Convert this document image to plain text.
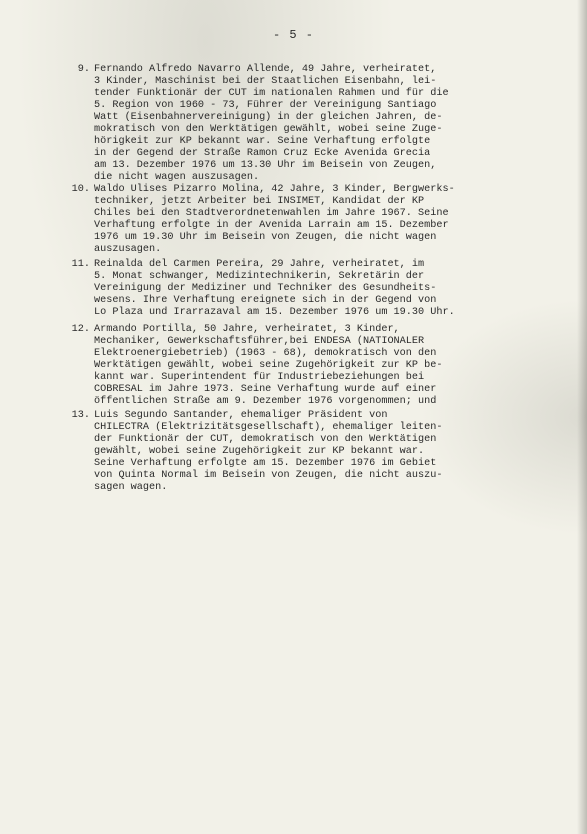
- 5 -
9. Fernando Alfredo Navarro Allende, 49 Jahre, verheiratet,
3 Kinder, Maschinist bei der Staatlichen Eisenbahn, lei-
tender Funktionär der CUT im nationalen Rahmen und für die
5. Region von 1960 - 73, Führer der Vereinigung Santiago
Watt (Eisenbahnervereinigung) in der gleichen Jahren, de-
mokratisch von den Werktätigen gewählt, wobei seine Zuge-
hörigkeit zur KP bekannt war. Seine Verhaftung erfolgte
in der Gegend der Straße Ramon Cruz Ecke Avenida Grecia
am 13. Dezember 1976 um 13.30 Uhr im Beisein von Zeugen,
die nicht wagen auszusagen.
10. Waldo Ulises Pizarro Molina, 42 Jahre, 3 Kinder, Bergwerks-
techniker, jetzt Arbeiter bei INSIMET, Kandidat der KP
Chiles bei den Stadtverordnetenwahlen im Jahre 1967. Seine
Verhaftung erfolgte in der Avenida Larrain am 15. Dezember
1976 um 19.30 Uhr im Beisein von Zeugen, die nicht wagen
auszusagen.
11. Reinalda del Carmen Pereira, 29 Jahre, verheiratet, im
5. Monat schwanger, Medizintechnikerin, Sekretärin der
Vereinigung der Mediziner und Techniker des Gesundheits-
wesens. Ihre Verhaftung ereignete sich in der Gegend von
Lo Plaza und Irarrazaval am 15. Dezember 1976 um 19.30 Uhr.
12. Armando Portilla, 50 Jahre, verheiratet, 3 Kinder,
Mechaniker, Gewerkschaftsführer,bei ENDESA (NATIONALER
Elektroenergiebetrieb) (1963 - 68), demokratisch von den
Werktätigen gewählt, wobei seine Zugehörigkeit zur KP be-
kannt war. Superintendent für Industriebeziehungen bei
COBRESAL im Jahre 1973. Seine Verhaftung wurde auf einer
öffentlichen Straße am 9. Dezember 1976 vorgenommen; und
13. Luis Segundo Santander, ehemaliger Präsident von
CHILECTRA (Elektrizitätsgesellschaft), ehemaliger leiten-
der Funktionär der CUT, demokratisch von den Werktätigen
gewählt, wobei seine Zugehörigkeit zur KP bekannt war.
Seine Verhaftung erfolgte am 15. Dezember 1976 im Gebiet
von Quinta Normal im Beisein von Zeugen, die nicht auszu-
sagen wagen.
